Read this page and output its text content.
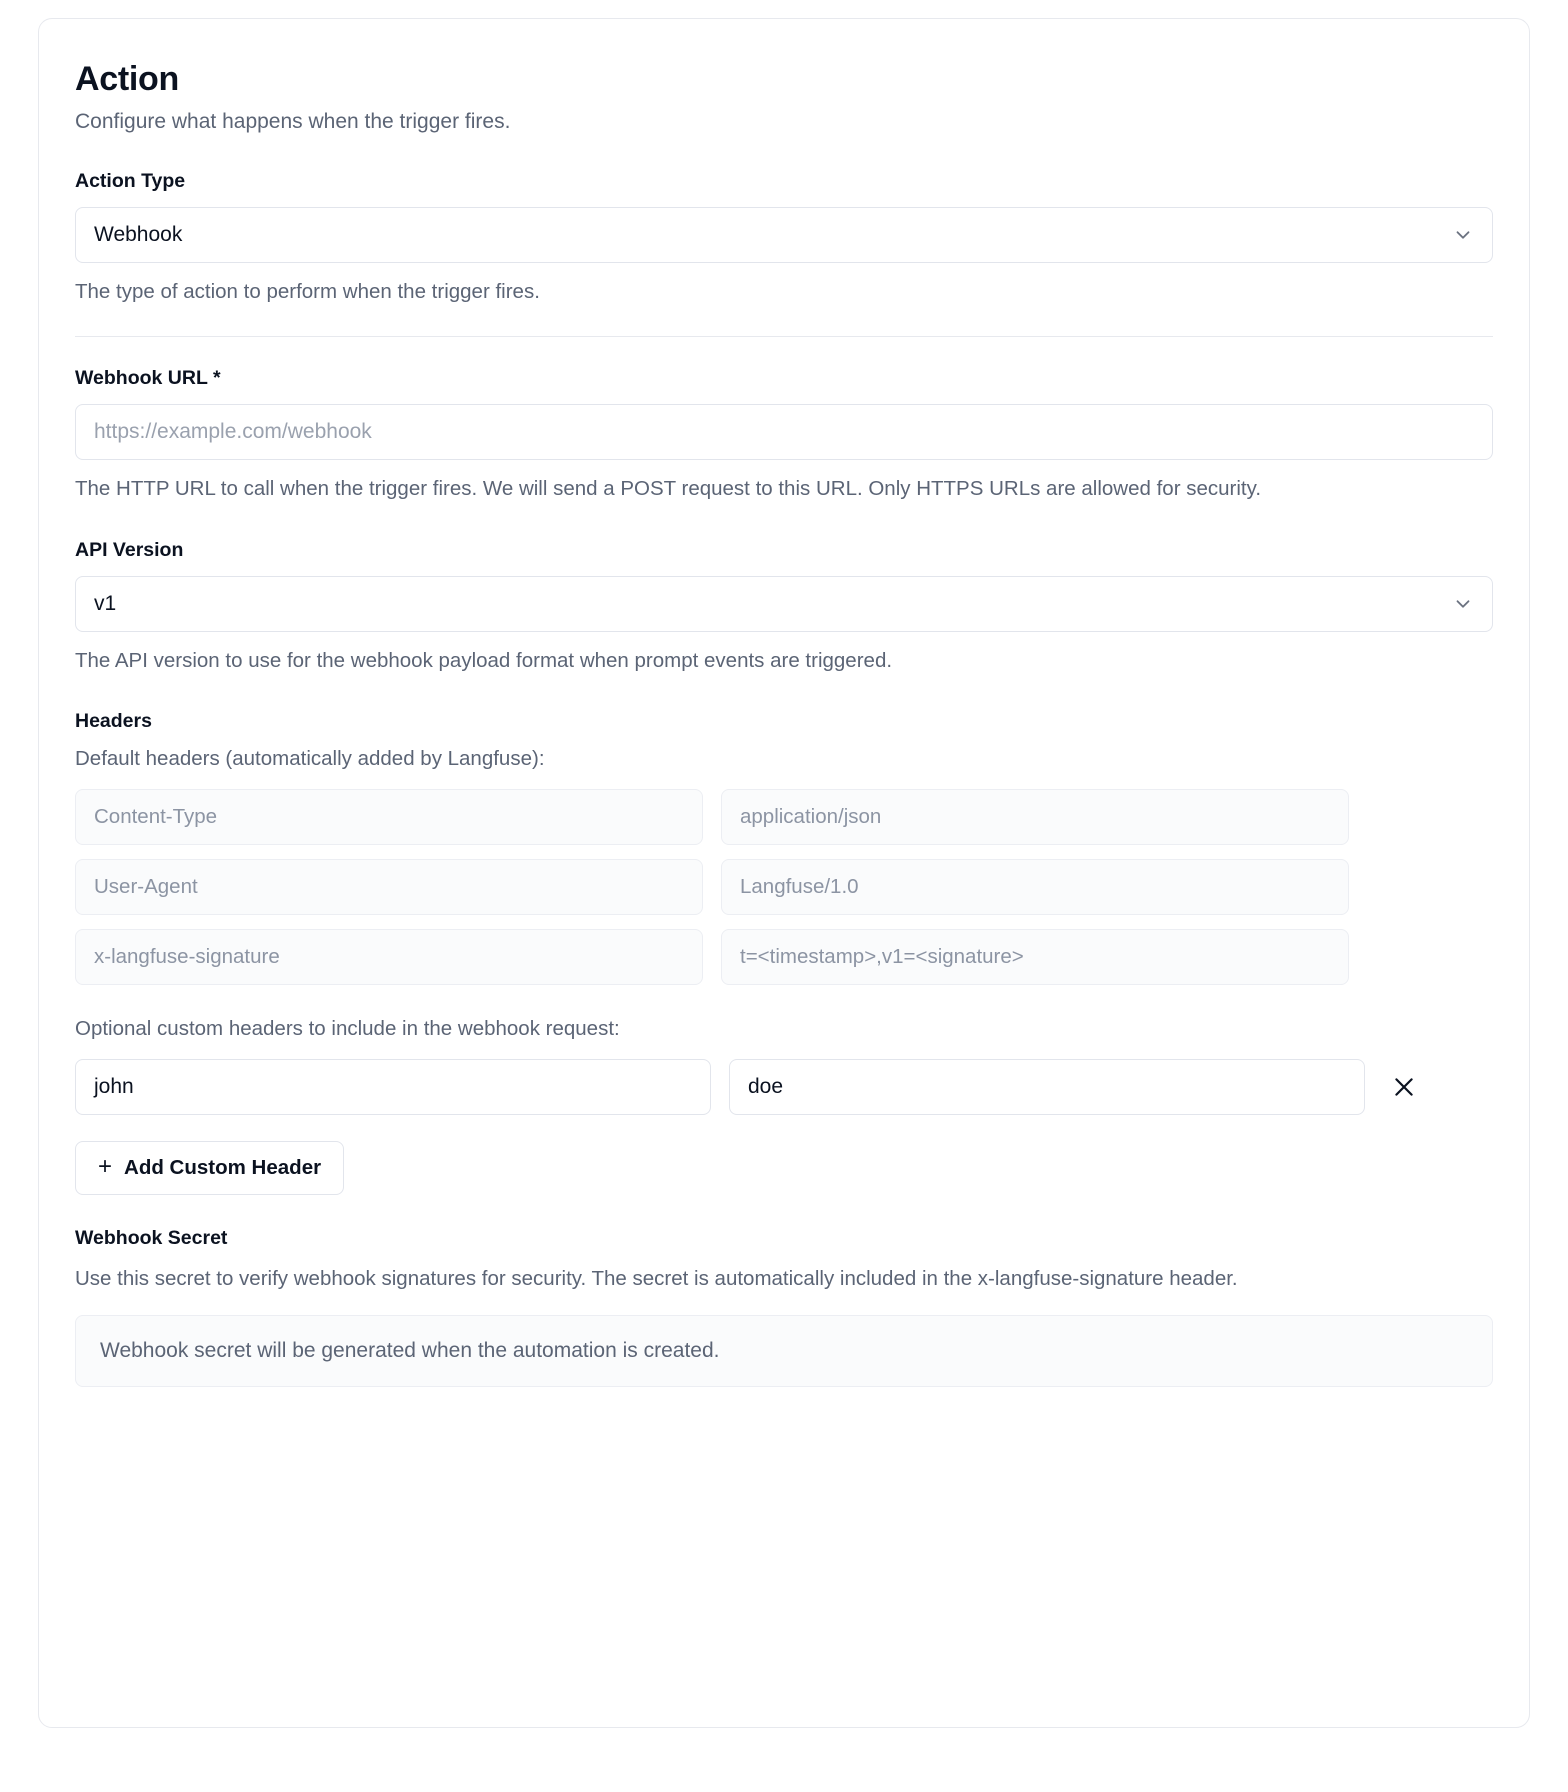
Action

Configure what happens when the trigger fires.

Action Type
Webhook
The type of action to perform when the trigger fires.
Webhook URL *
https://example.com/webhook
The HTTP URL to call when the trigger fires. We will send a POST request to this URL. Only HTTPS URLs are allowed for security.
API Version
v1
The API version to use for the webhook payload format when prompt events are triggered.
Headers
Default headers (automatically added by Langfuse):
Content-Type	application/json
User-Agent	Langfuse/1.0
x-langfuse-signature	t=<timestamp>,v1=<signature>
Optional custom headers to include in the webhook request:
john	doe
+ Add Custom Header
Webhook Secret
Use this secret to verify webhook signatures for security. The secret is automatically included in the x-langfuse-signature header.
Webhook secret will be generated when the automation is created.
